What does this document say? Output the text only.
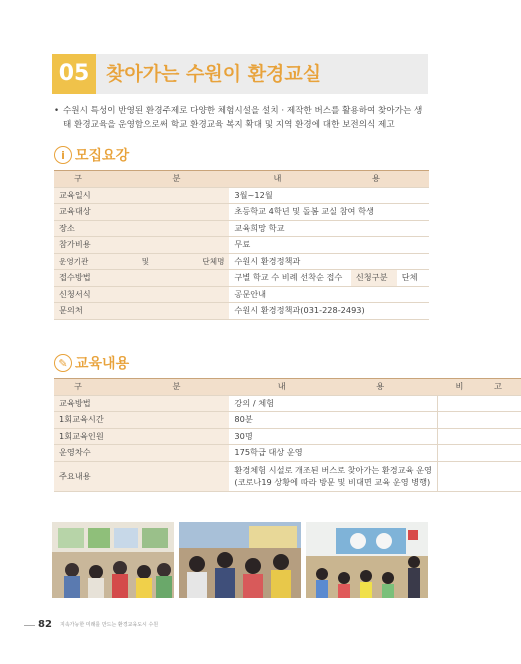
05 찾아가는 수원이 환경교실
• 수원시 특성이 반영된 환경주제로 다양한 체험시설을 설치 · 제작한 버스를 활용하여 찾아가는 생태 환경교육을 운영함으로써 학교 환경교육 복지 확대 및 지역 환경에 대한 보전의식 제고
i 모집요강
구 분	내 용		

교육일시	3월~12월		

교육대상	초등학교 4학년 및 돌봄 교실 참여 학생		

장소	교육희망 학교		

참가비용	무료		

운영기관 및 단체명	수원시 환경정책과		

접수방법	구별 학교 수 비례 선착순 접수	신청구분	단체

신청서식	공문안내		

문의처	수원시 환경정책과(031-228-2493)		
✎ 교육내용
구 분	내 용	비 고

교육방법	강의 / 체험	

1회교육시간	80분	

1회교육인원	30명	

운영차수	175학급 대상 운영	

주요내용	환경체험 시설로 개조된 버스로 찾아가는 환경교육 운영
(코로나19 상황에 따라 방문 및 비대면 교육 운영 병행)	

82 지속가능한 미래를 만드는 환경교육도시 수원
